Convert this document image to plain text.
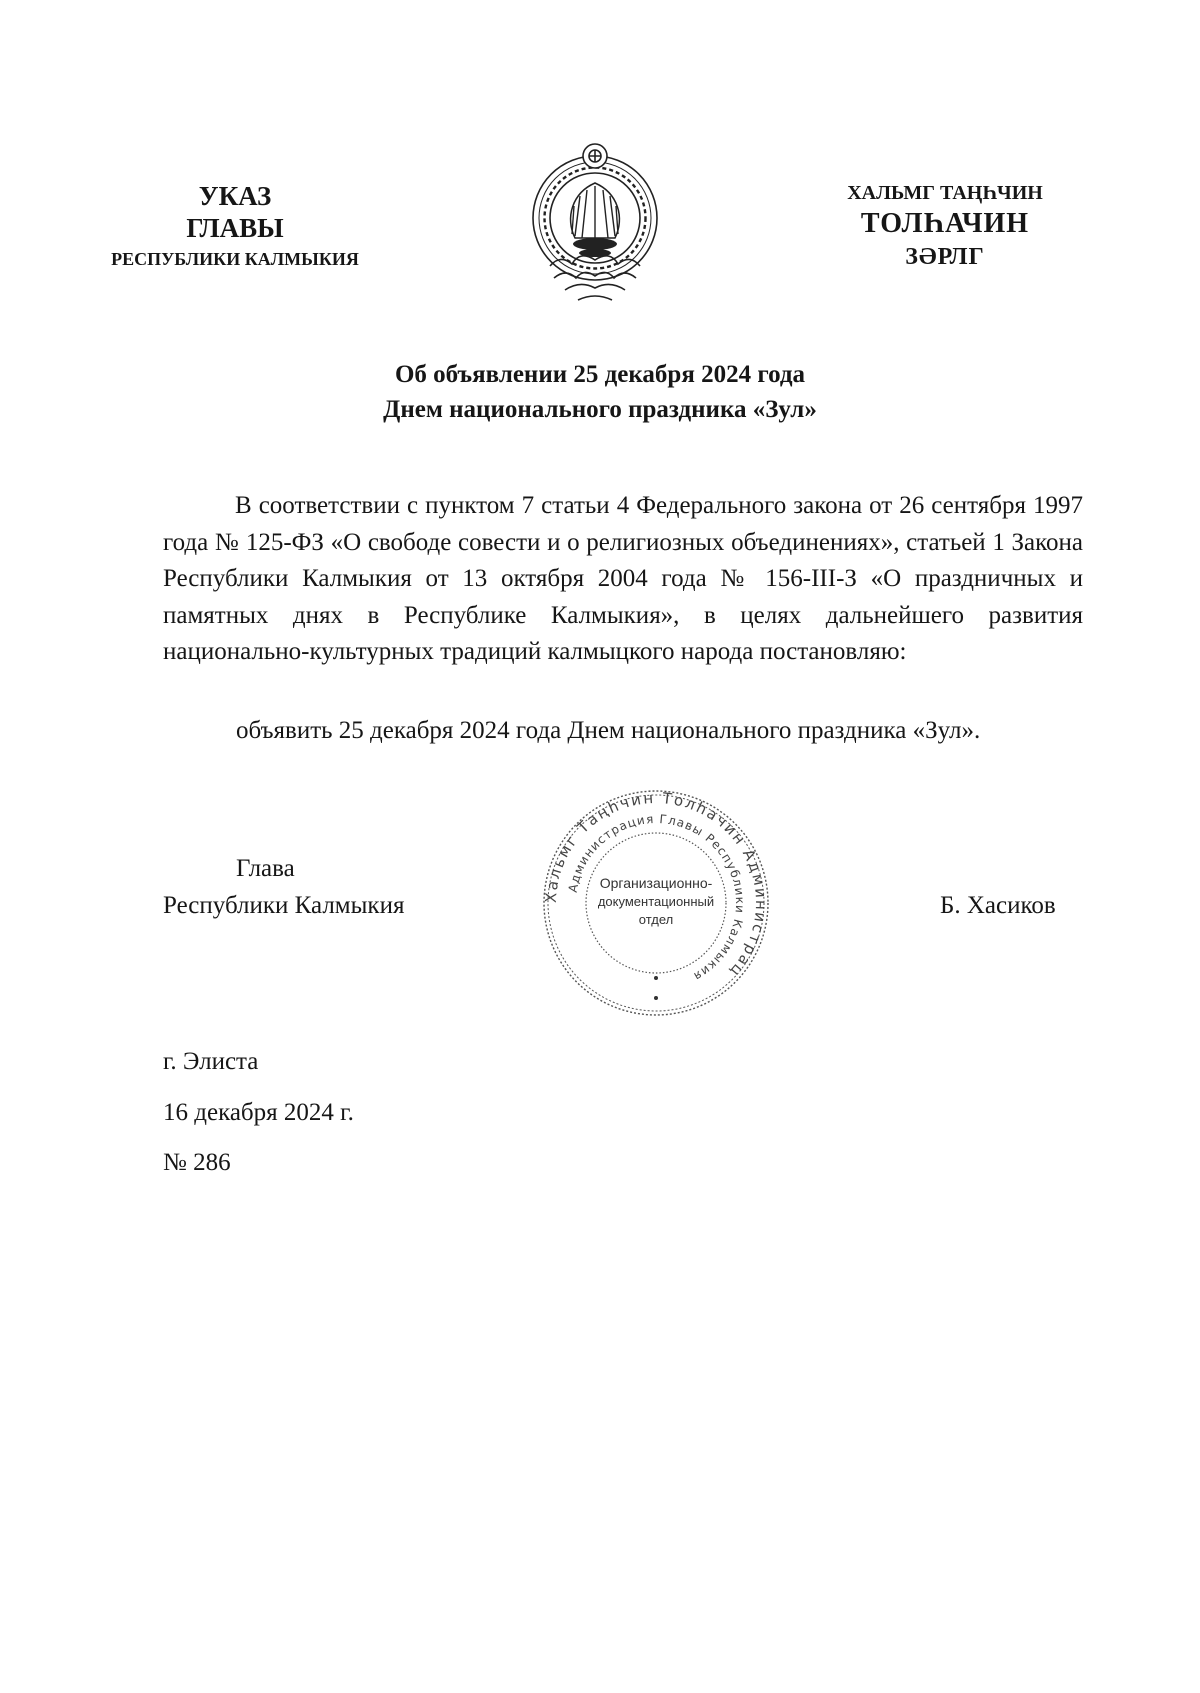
УКАЗ
ГЛАВЫ
РЕСПУБЛИКИ КАЛМЫКИЯ
ХАЛЬМГ ТАҢҺЧИН
ТОЛҺАЧИН
ЗӘРЛГ
Об объявлении 25 декабря 2024 года
Днем национального праздника «Зул»

В соответствии с пунктом 7 статьи 4 Федерального закона от 26 сентября 1997 года № 125-ФЗ «О свободе совести и о религиозных объединениях», статьей 1 Закона Республики Калмыкия от 13 октября 2004 года № 156-III-З «О праздничных и памятных днях в Республике Калмыкия», в целях дальнейшего развития национально-культурных традиций калмыцкого народа постановляю:

объявить 25 декабря 2024 года Днем национального праздника «Зул».
Глава
Республики Калмыкия	Хальмг Таңһчин Толһачин Администрац
Администрация Главы Республики Калмыкия
Организационно-
документационный
отдел
Б. Хасиков
г. Элиста
16 декабря 2024 г.
№ 286
